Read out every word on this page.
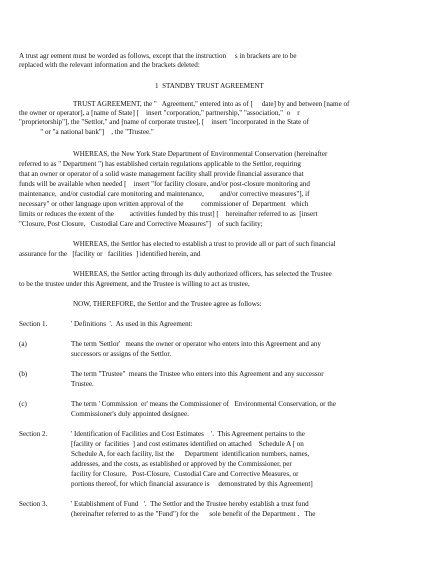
A trust agr eement must be worded as follows, except that the instruction     s in brackets are to be
replaced with the relevant information and the brackets deleted:
1  STANDBY TRUST AGREEMENT
TRUST AGREEMENT, the "   Agreement," entered into as of [     date] by and between [name of
the owner or operator], a [name of State] [    insert "corporation," partnership," "association,"  o    r
"proprietorship"], the "Settlor," and [name of corporate trustee], [    insert "incorporated in the State of
" or "a national bank"]    , the "Trustee."
WHEREAS, the New York State Department of Environmental Conservation (hereinafter
referred to as " Department ") has established certain regulations applicable to the Settlor, requiring
that an owner or operator of a solid waste management facility shall provide financial assurance that
funds will be available when needed [    insert "for facility closure, and/or post-closure monitoring and
maintenance,  and/or custodial care monitoring and maintenance,         and/or corrective measures"], if
necessary" or other language upon written approval of the          commissioner of  Department   which
limits or reduces the extent of the         activities funded by this trust] [    hereinafter referred to as  [insert
"Closure, Post Closure,   Custodial Care and Corrective Measures"]    of such facility;
WHEREAS, the Settlor has elected to establish a trust to provide all or part of such financial
assurance for the   [facility or   facilities  ] identified herein, and
WHEREAS, the Settlor acting through its duly authorized officers, has selected the Trustee
to be the trustee under this Agreement, and the Trustee is willing to act as trustee,
NOW, THEREFORE, the Settlor and the Trustee agree as follows:
Section 1.	' Definitions  '.  As used in this Agreement:
(a)	The term 'Settlor'   means the owner or operator who enters into this Agreement and any
successors or assigns of the Settlor.
(b)	The term "Trustee"  means the Trustee who enters into this Agreement and any successor
Trustee.
(c)	The term ' Commission  er' means the Commissioner of   Environmental Conservation, or the
Commissioner's duly appointed designee.
Section 2.	' Identification of Facilities and Cost Estimates    '.  This Agreement pertains to the
[facility or  facilities  ] and cost estimates identified on attached    Schedule A [ on
Schedule A, for each facility, list the      Department  identification numbers, names,
addresses, and the costs, as established or approved by the Commissioner, per
facility for Closure,   Post-Closure,  Custodial Care and Corrective Measures, or
portions thereof, for which financial assurance is     demonstrated by this Agreement]
Section 3.	' Establishment of Fund   '.  The Settlor and the Trustee hereby establish a trust fund
(hereinafter referred to as the "Fund") for the      sole benefit of the Department .   The
